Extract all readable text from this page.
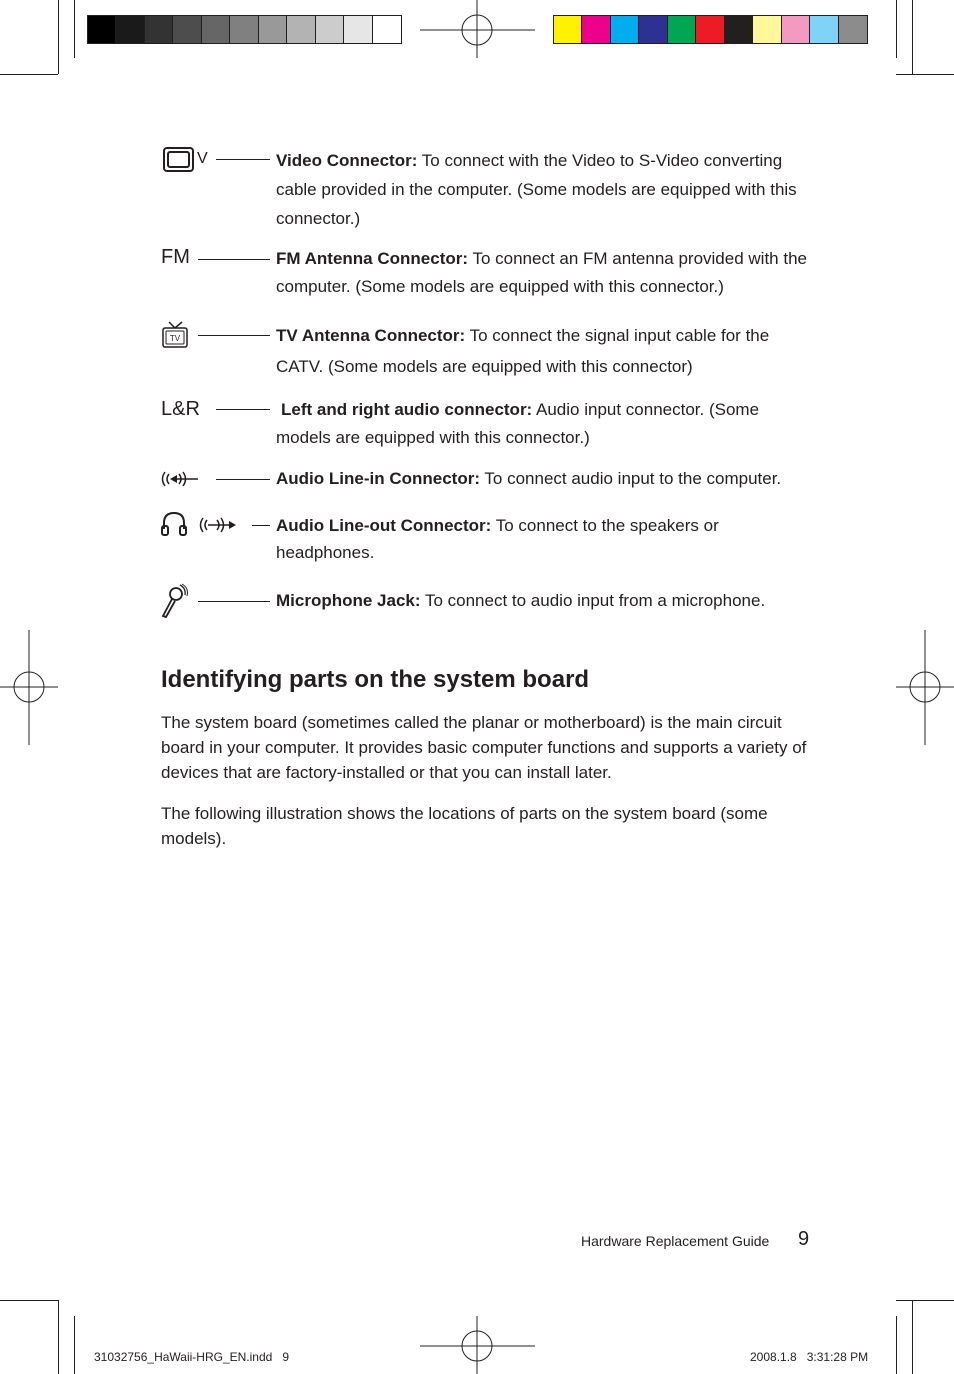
V	Video Connector: To connect with the Video to S-Video converting cable provided in the computer. (Some models are equipped with this connector.)
FM	FM Antenna Connector: To connect an FM antenna provided with the computer. (Some models are equipped with this connector.)
TV	TV Antenna Connector: To connect the signal input cable for the CATV. (Some models are equipped with this connector)
L&R	Left and right audio connector: Audio input connector. (Some models are equipped with this connector.)
Audio Line-in Connector: To connect audio input to the computer.
Audio Line-out Connector: To connect to the speakers or headphones.
Microphone Jack: To connect to audio input from a microphone.
Identifying parts on the system board

The system board (sometimes called the planar or motherboard) is the main circuit board in your computer. It provides basic computer functions and supports a variety of devices that are factory-installed or that you can install later.

The following illustration shows the locations of parts on the system board (some models).

Hardware Replacement Guide 9
31032756_HaWaii-HRG_EN.indd   9	2008.1.8   3:31:28 PM
